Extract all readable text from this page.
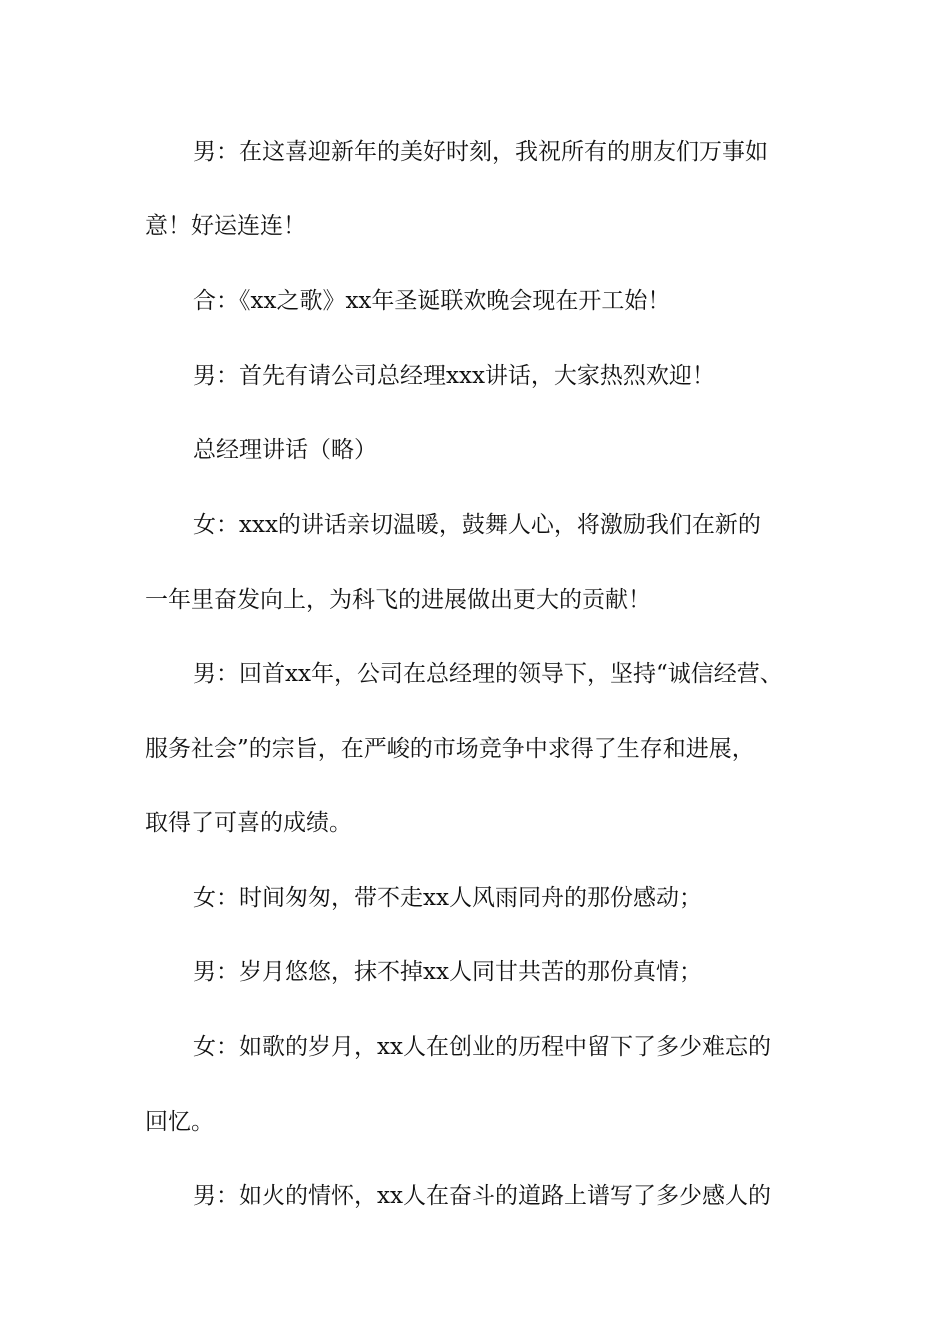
男：在这喜迎新年的美好时刻，我祝所有的朋友们万事如
意！好运连连！
合：《xx之歌》xx年圣诞联欢晚会现在开工始！
男：首先有请公司总经理xxx讲话，大家热烈欢迎！
总经理讲话（略）
女：xxx的讲话亲切温暖，鼓舞人心，将激励我们在新的
一年里奋发向上，为科飞的进展做出更大的贡献！
男：回首xx年，公司在总经理的领导下，坚持“诚信经营、
服务社会”的宗旨，在严峻的市场竞争中求得了生存和进展，
取得了可喜的成绩。
女：时间匆匆，带不走xx人风雨同舟的那份感动；
男：岁月悠悠，抹不掉xx人同甘共苦的那份真情；
女：如歌的岁月，xx人在创业的历程中留下了多少难忘的
回忆。
男：如火的情怀，xx人在奋斗的道路上谱写了多少感人的
